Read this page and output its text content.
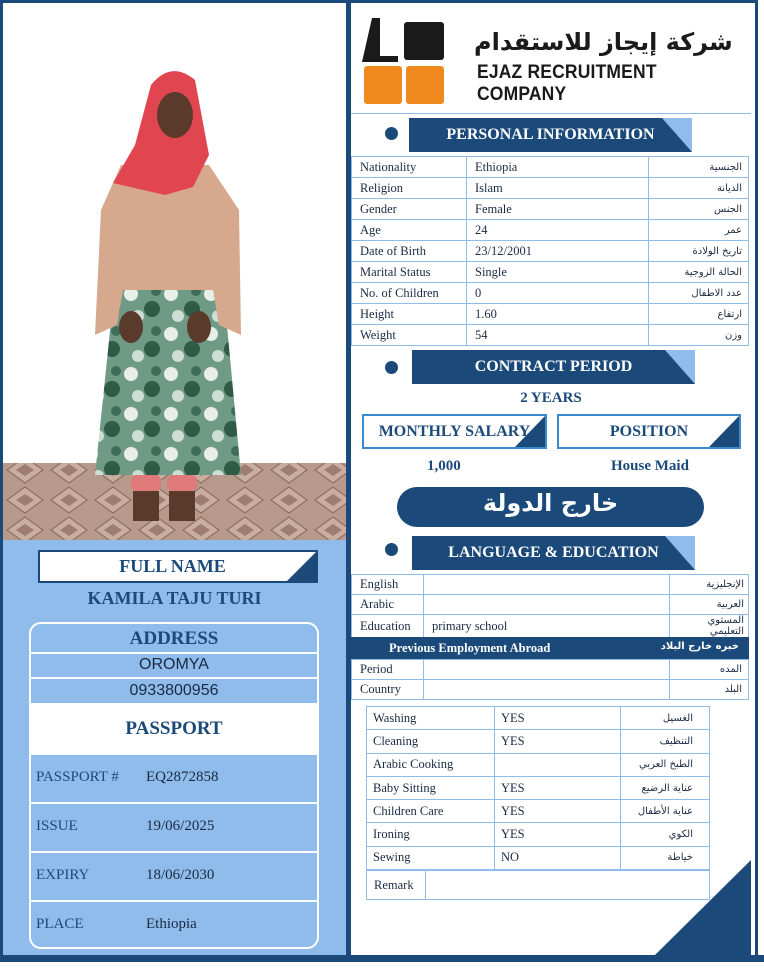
FULL NAME
KAMILA TAJU TURI
ADDRESS
OROMYA
0933800956
PASSPORT
PASSPORT # EQ2872858
ISSUE	19/06/2025
EXPIRY	18/06/2030
PLACE	Ethiopia
شركة إيجاز للاستقدام
EJAZ RECRUITMENT COMPANY
PERSONAL INFORMATION
Nationality	Ethiopia	الجنسية
Religion	Islam	الديانة
Gender	Female	الجنس
Age	24	عمر
Date of Birth	23/12/2001	تاريخ الولادة
Marital Status	Single	الحالة الزوجية
No. of Children	0	عدد الاطفال
Height	1.60	ارتفاع
Weight	54	وزن
CONTRACT PERIOD
2 YEARS
MONTHLY SALARY	POSITION
1,000	House Maid
خارج الدولة
LANGUAGE & EDUCATION
English		الإنجليزية
Arabic		العربية
Education	primary school	المستوي التعليمي
Previous Employment Abroad	خبره خارج البلاد
Period		المده
Country		البلد
Washing	YES	الغسيل
Cleaning	YES	التنظيف
Arabic Cooking		الطبخ العربي
Baby Sitting	YES	عناية الرضيع
Children Care	YES	عناية الأطفال
Ironing	YES	الكوي
Sewing	NO	خياطة
Remark
